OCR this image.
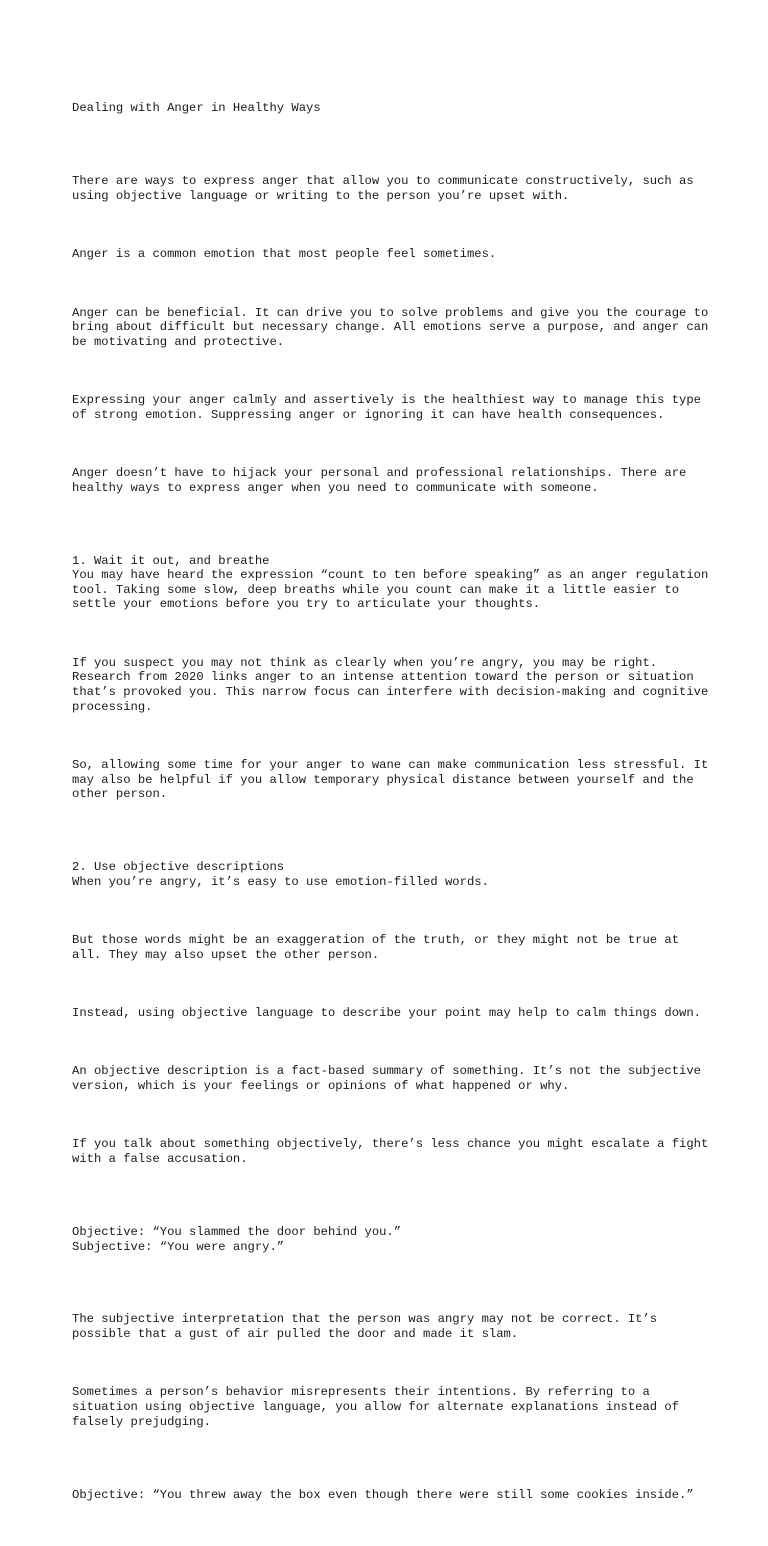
Dealing with Anger in Healthy Ways

There are ways to express anger that allow you to communicate constructively, such as using objective language or writing to the person you’re upset with.

Anger is a common emotion that most people feel sometimes.

Anger can be beneficial. It can drive you to solve problems and give you the courage to bring about difficult but necessary change. All emotions serve a purpose, and anger can be motivating and protective.

Expressing your anger calmly and assertively is the healthiest way to manage this type of strong emotion. Suppressing anger or ignoring it can have health consequences.

Anger doesn’t have to hijack your personal and professional relationships. There are healthy ways to express anger when you need to communicate with someone.

1. Wait it out, and breathe
You may have heard the expression “count to ten before speaking” as an anger regulation tool. Taking some slow, deep breaths while you count can make it a little easier to settle your emotions before you try to articulate your thoughts.

If you suspect you may not think as clearly when you’re angry, you may be right. Research from 2020 links anger to an intense attention toward the person or situation that’s provoked you. This narrow focus can interfere with decision-making and cognitive processing.

So, allowing some time for your anger to wane can make communication less stressful. It may also be helpful if you allow temporary physical distance between yourself and the other person.

2. Use objective descriptions
When you’re angry, it’s easy to use emotion-filled words.

But those words might be an exaggeration of the truth, or they might not be true at all. They may also upset the other person.

Instead, using objective language to describe your point may help to calm things down.

An objective description is a fact-based summary of something. It’s not the subjective version, which is your feelings or opinions of what happened or why.

If you talk about something objectively, there’s less chance you might escalate a fight with a false accusation.

Objective: “You slammed the door behind you.”
Subjective: “You were angry.”

The subjective interpretation that the person was angry may not be correct. It’s possible that a gust of air pulled the door and made it slam.

Sometimes a person’s behavior misrepresents their intentions. By referring to a situation using objective language, you allow for alternate explanations instead of falsely prejudging.

Objective: “You threw away the box even though there were still some cookies inside.”
